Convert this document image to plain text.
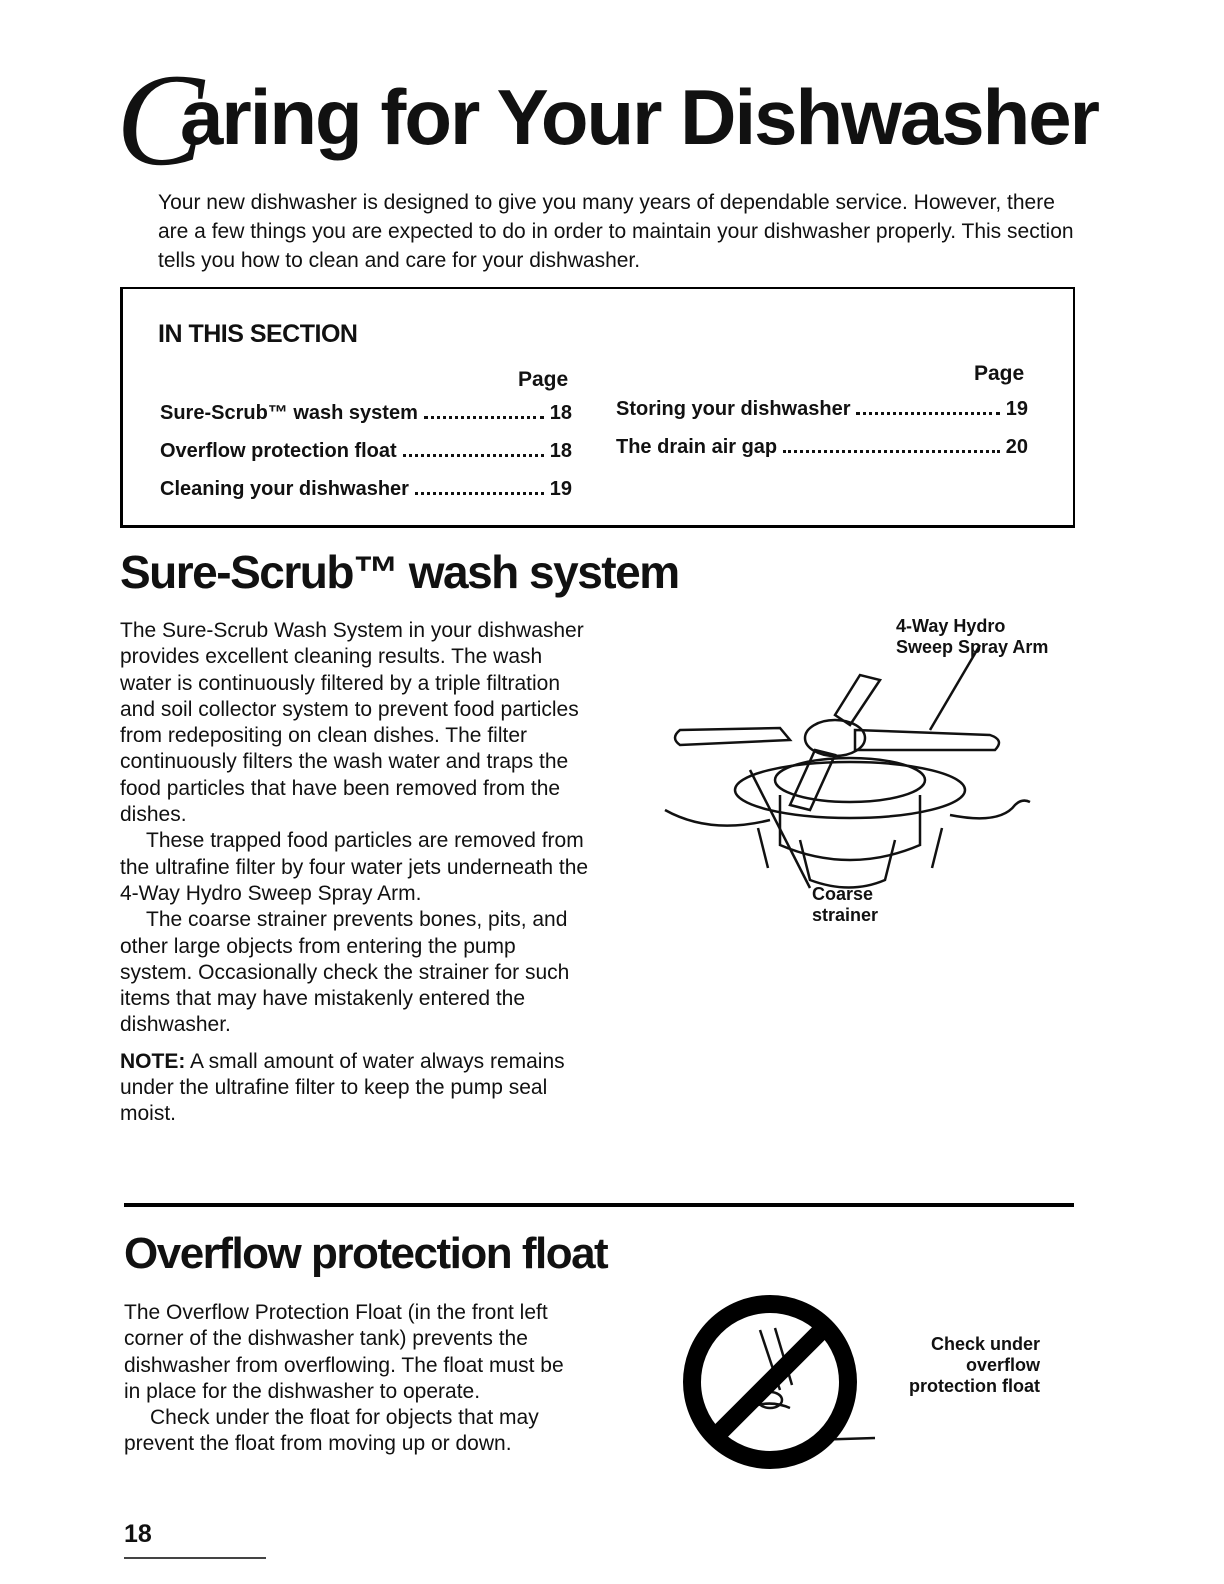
C
aring for Your Dishwasher
Your new dishwasher is designed to give you many years of dependable service. However, there are a few things you are expected to do in order to maintain your dishwasher properly. This section tells you how to clean and care for your dishwasher.
IN THIS SECTION
Page	Page
Sure-Scrub™ wash system	18
Overflow protection float	18
Cleaning your dishwasher	19
Storing your dishwasher	19
The drain air gap	20
Sure-Scrub™ wash system

The Sure-Scrub Wash System in your dishwasher provides excellent cleaning results. The wash water is continuously filtered by a triple filtration and soil collector system to prevent food particles from redepositing on clean dishes. The filter continuously filters the wash water and traps the food particles that have been removed from the dishes.

These trapped food particles are removed from the ultrafine filter by four water jets underneath the 4-Way Hydro Sweep Spray Arm.

The coarse strainer prevents bones, pits, and other large objects from entering the pump system. Occasionally check the strainer for such items that may have mistakenly entered the dishwasher.

NOTE: A small amount of water always remains under the ultrafine filter to keep the pump seal moist.

4-Way Hydro
Sweep Spray Arm
Coarse
strainer
Overflow protection float

The Overflow Protection Float (in the front left corner of the dishwasher tank) prevents the dishwasher from overflowing. The float must be in place for the dishwasher to operate.

Check under the float for objects that may prevent the float from moving up or down.

Check under
overflow
protection float
18
